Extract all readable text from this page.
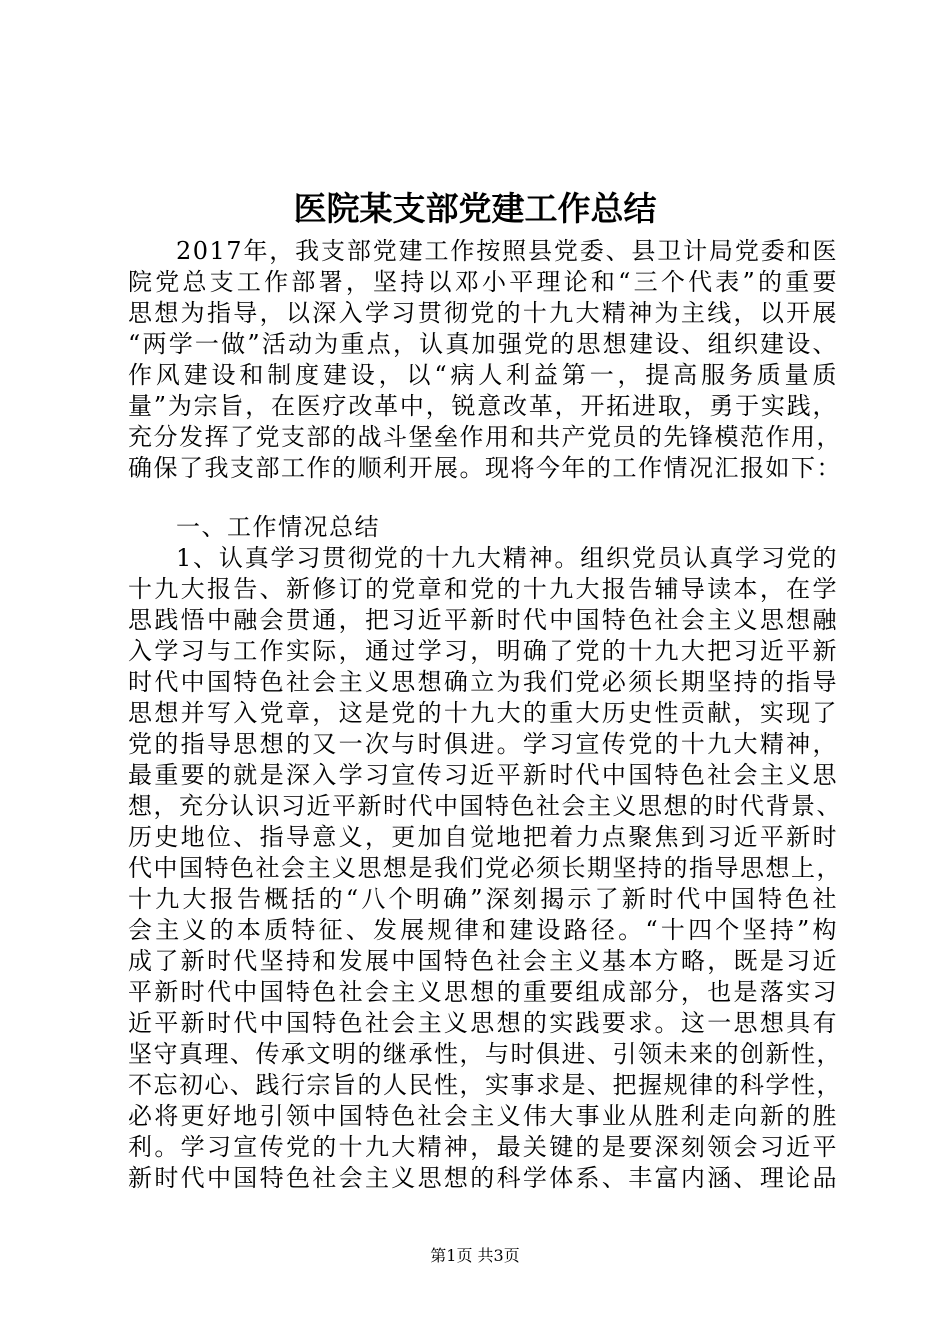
医院某支部党建工作总结
2017年，我支部党建工作按照县党委、县卫计局党委和医
院党总支工作部署，坚持以邓小平理论和“三个代表”的重要
思想为指导，以深入学习贯彻党的十九大精神为主线，以开展
“两学一做”活动为重点，认真加强党的思想建设、组织建设、
作风建设和制度建设，以“病人利益第一，提高服务质量质
量”为宗旨，在医疗改革中，锐意改革，开拓进取，勇于实践，
充分发挥了党支部的战斗堡垒作用和共产党员的先锋模范作用，
确保了我支部工作的顺利开展。现将今年的工作情况汇报如下：
一、工作情况总结
1、认真学习贯彻党的十九大精神。组织党员认真学习党的
十九大报告、新修订的党章和党的十九大报告辅导读本，在学
思践悟中融会贯通，把习近平新时代中国特色社会主义思想融
入学习与工作实际，通过学习，明确了党的十九大把习近平新
时代中国特色社会主义思想确立为我们党必须长期坚持的指导
思想并写入党章，这是党的十九大的重大历史性贡献，实现了
党的指导思想的又一次与时俱进。学习宣传党的十九大精神，
最重要的就是深入学习宣传习近平新时代中国特色社会主义思
想，充分认识习近平新时代中国特色社会主义思想的时代背景、
历史地位、指导意义，更加自觉地把着力点聚焦到习近平新时
代中国特色社会主义思想是我们党必须长期坚持的指导思想上，
十九大报告概括的“八个明确”深刻揭示了新时代中国特色社
会主义的本质特征、发展规律和建设路径。“十四个坚持”构
成了新时代坚持和发展中国特色社会主义基本方略，既是习近
平新时代中国特色社会主义思想的重要组成部分，也是落实习
近平新时代中国特色社会主义思想的实践要求。这一思想具有
坚守真理、传承文明的继承性，与时俱进、引领未来的创新性，
不忘初心、践行宗旨的人民性，实事求是、把握规律的科学性，
必将更好地引领中国特色社会主义伟大事业从胜利走向新的胜
利。学习宣传党的十九大精神，最关键的是要深刻领会习近平
新时代中国特色社会主义思想的科学体系、丰富内涵、理论品
第1页 共3页
